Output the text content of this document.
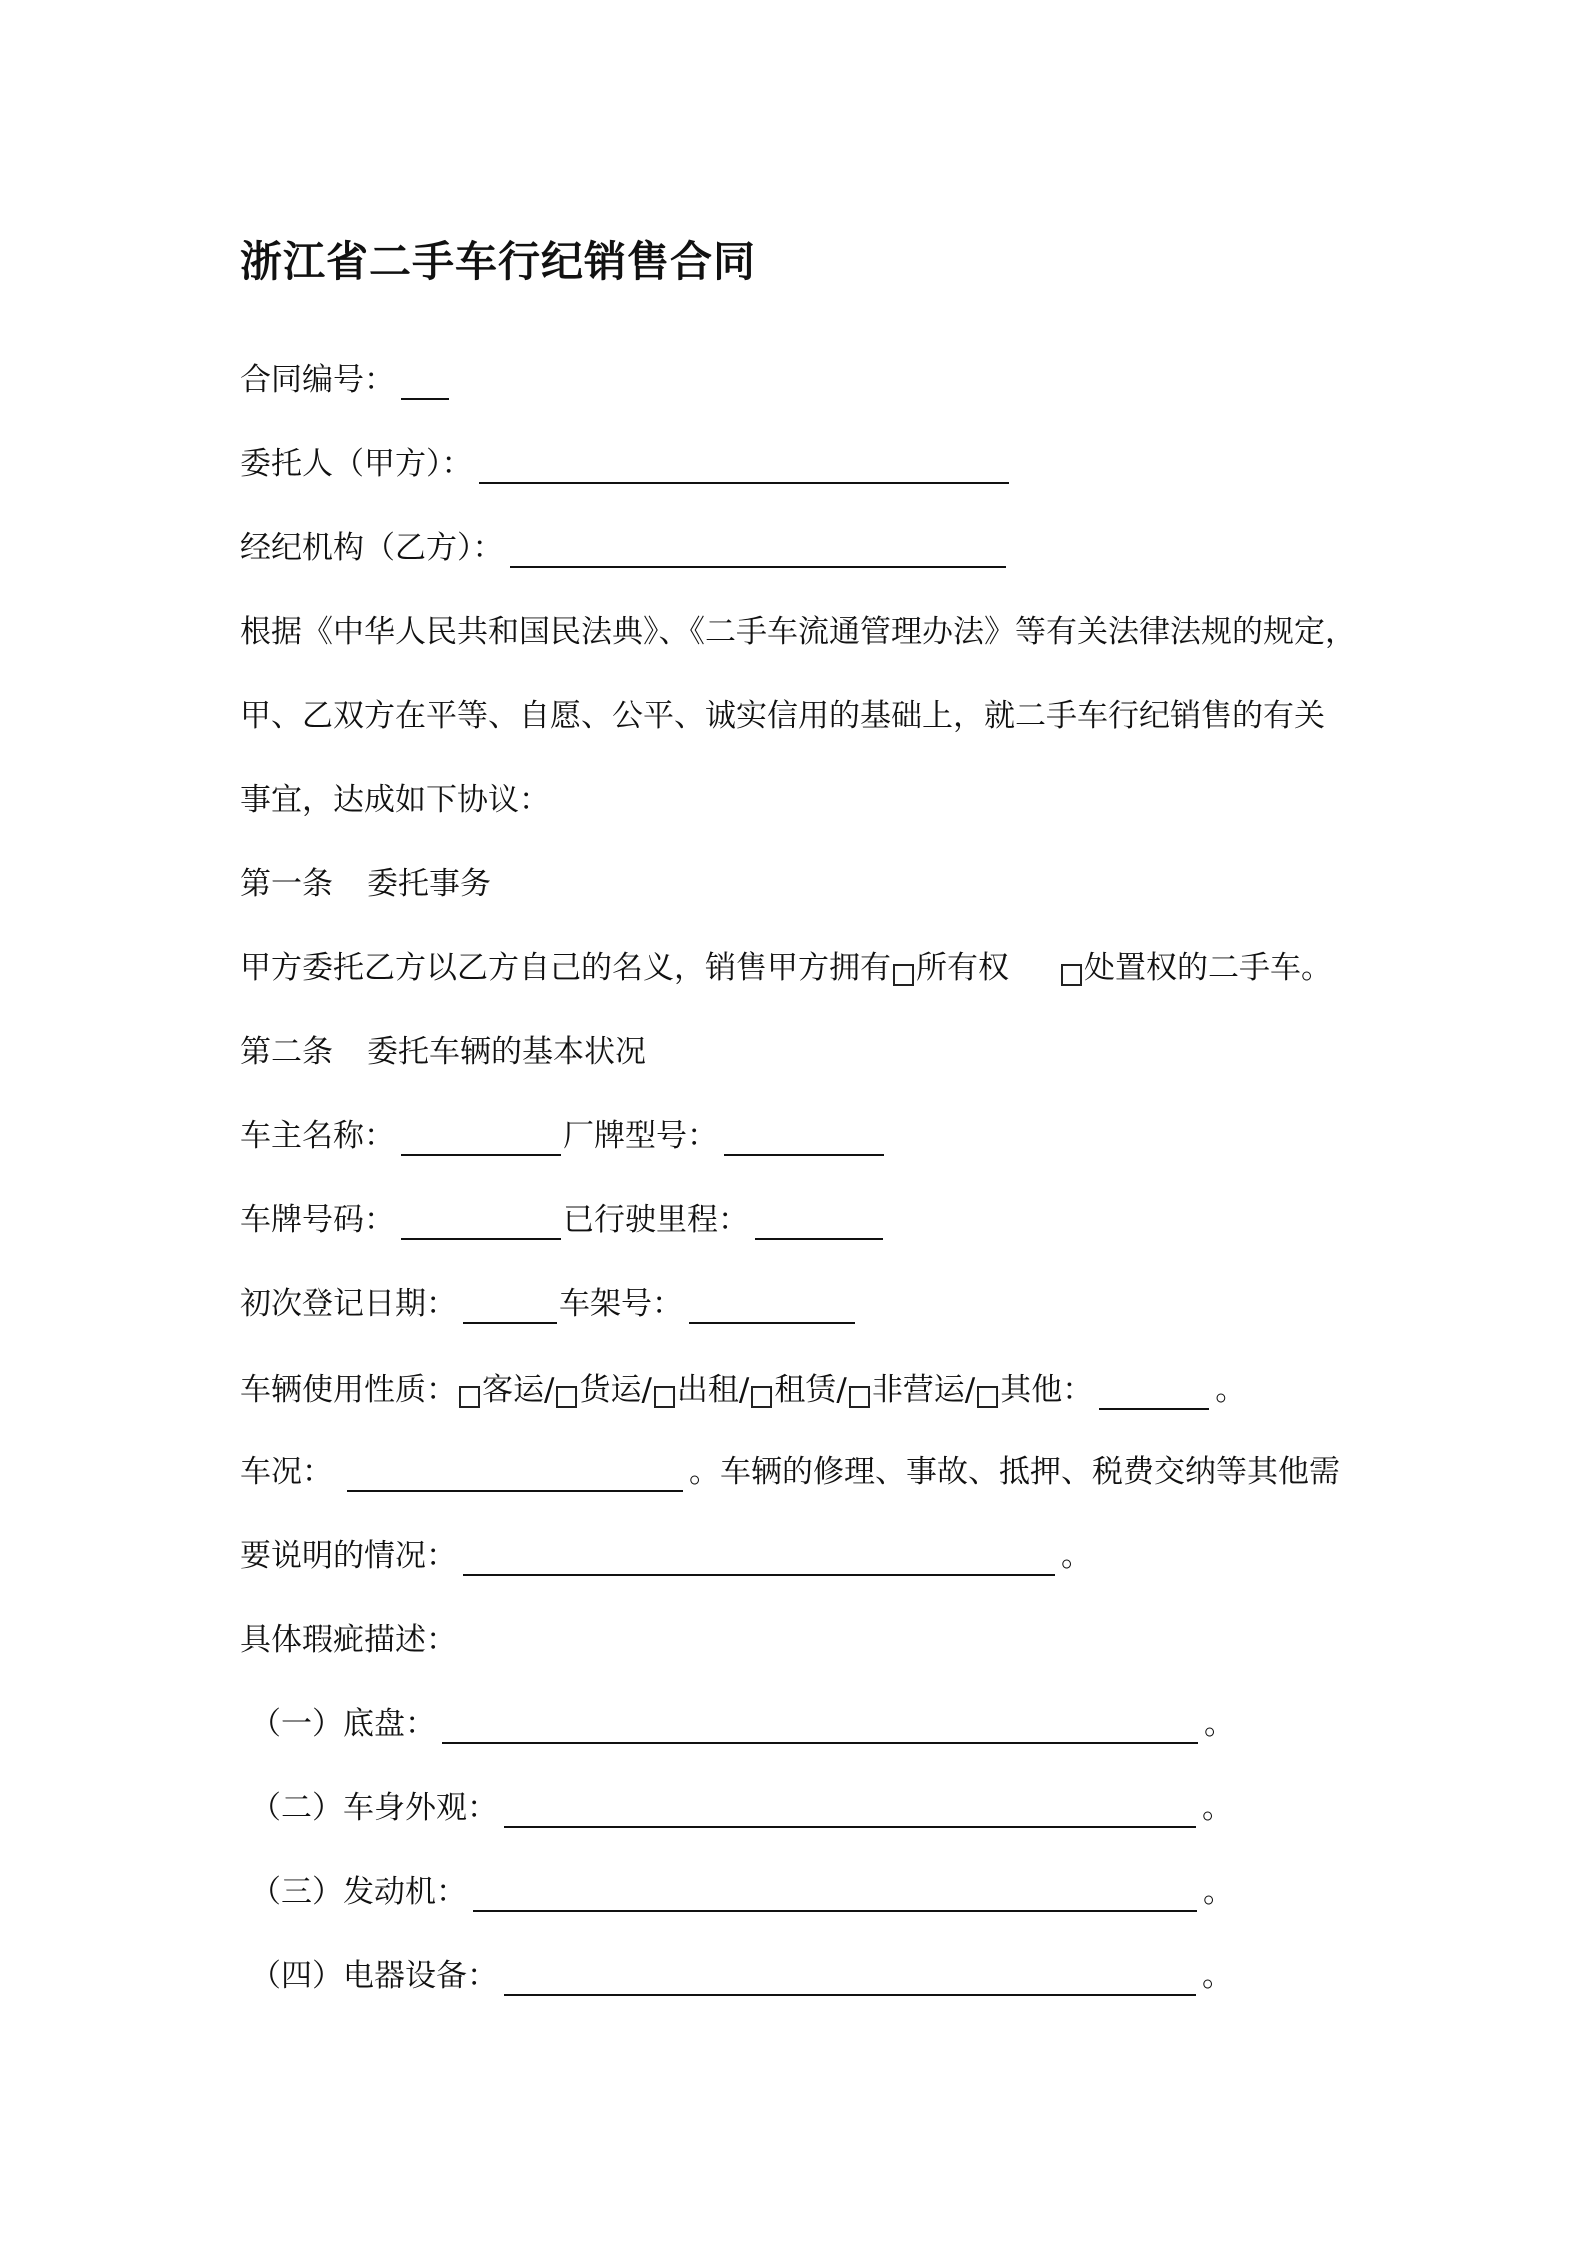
浙江省二手车行纪销售合同
合同编号：
委托人（甲方）：
经纪机构（乙方）：
根据《中华人民共和国民法典》、《二手车流通管理办法》等有关法律法规的规定，
甲、乙双方在平等、自愿、公平、诚实信用的基础上，就二手车行纪销售的有关
事宜，达成如下协议：
第一条 委托事务
甲方委托乙方以乙方自己的名义，销售甲方拥有 所有权 处置权的二手车。
第二条 委托车辆的基本状况
车主名称：	厂牌型号：
车牌号码：	已行驶里程：
初次登记日期：	车架号：
车辆使用性质： 客运/ 货运/ 出租/ 租赁/ 非营运/ 其他：	。
车况：	。车辆的修理、事故、抵押、税费交纳等其他需
要说明的情况：	。
具体瑕疵描述：
（一）底盘：	。
（二）车身外观：	。
（三）发动机：	。
（四）电器设备：	。
